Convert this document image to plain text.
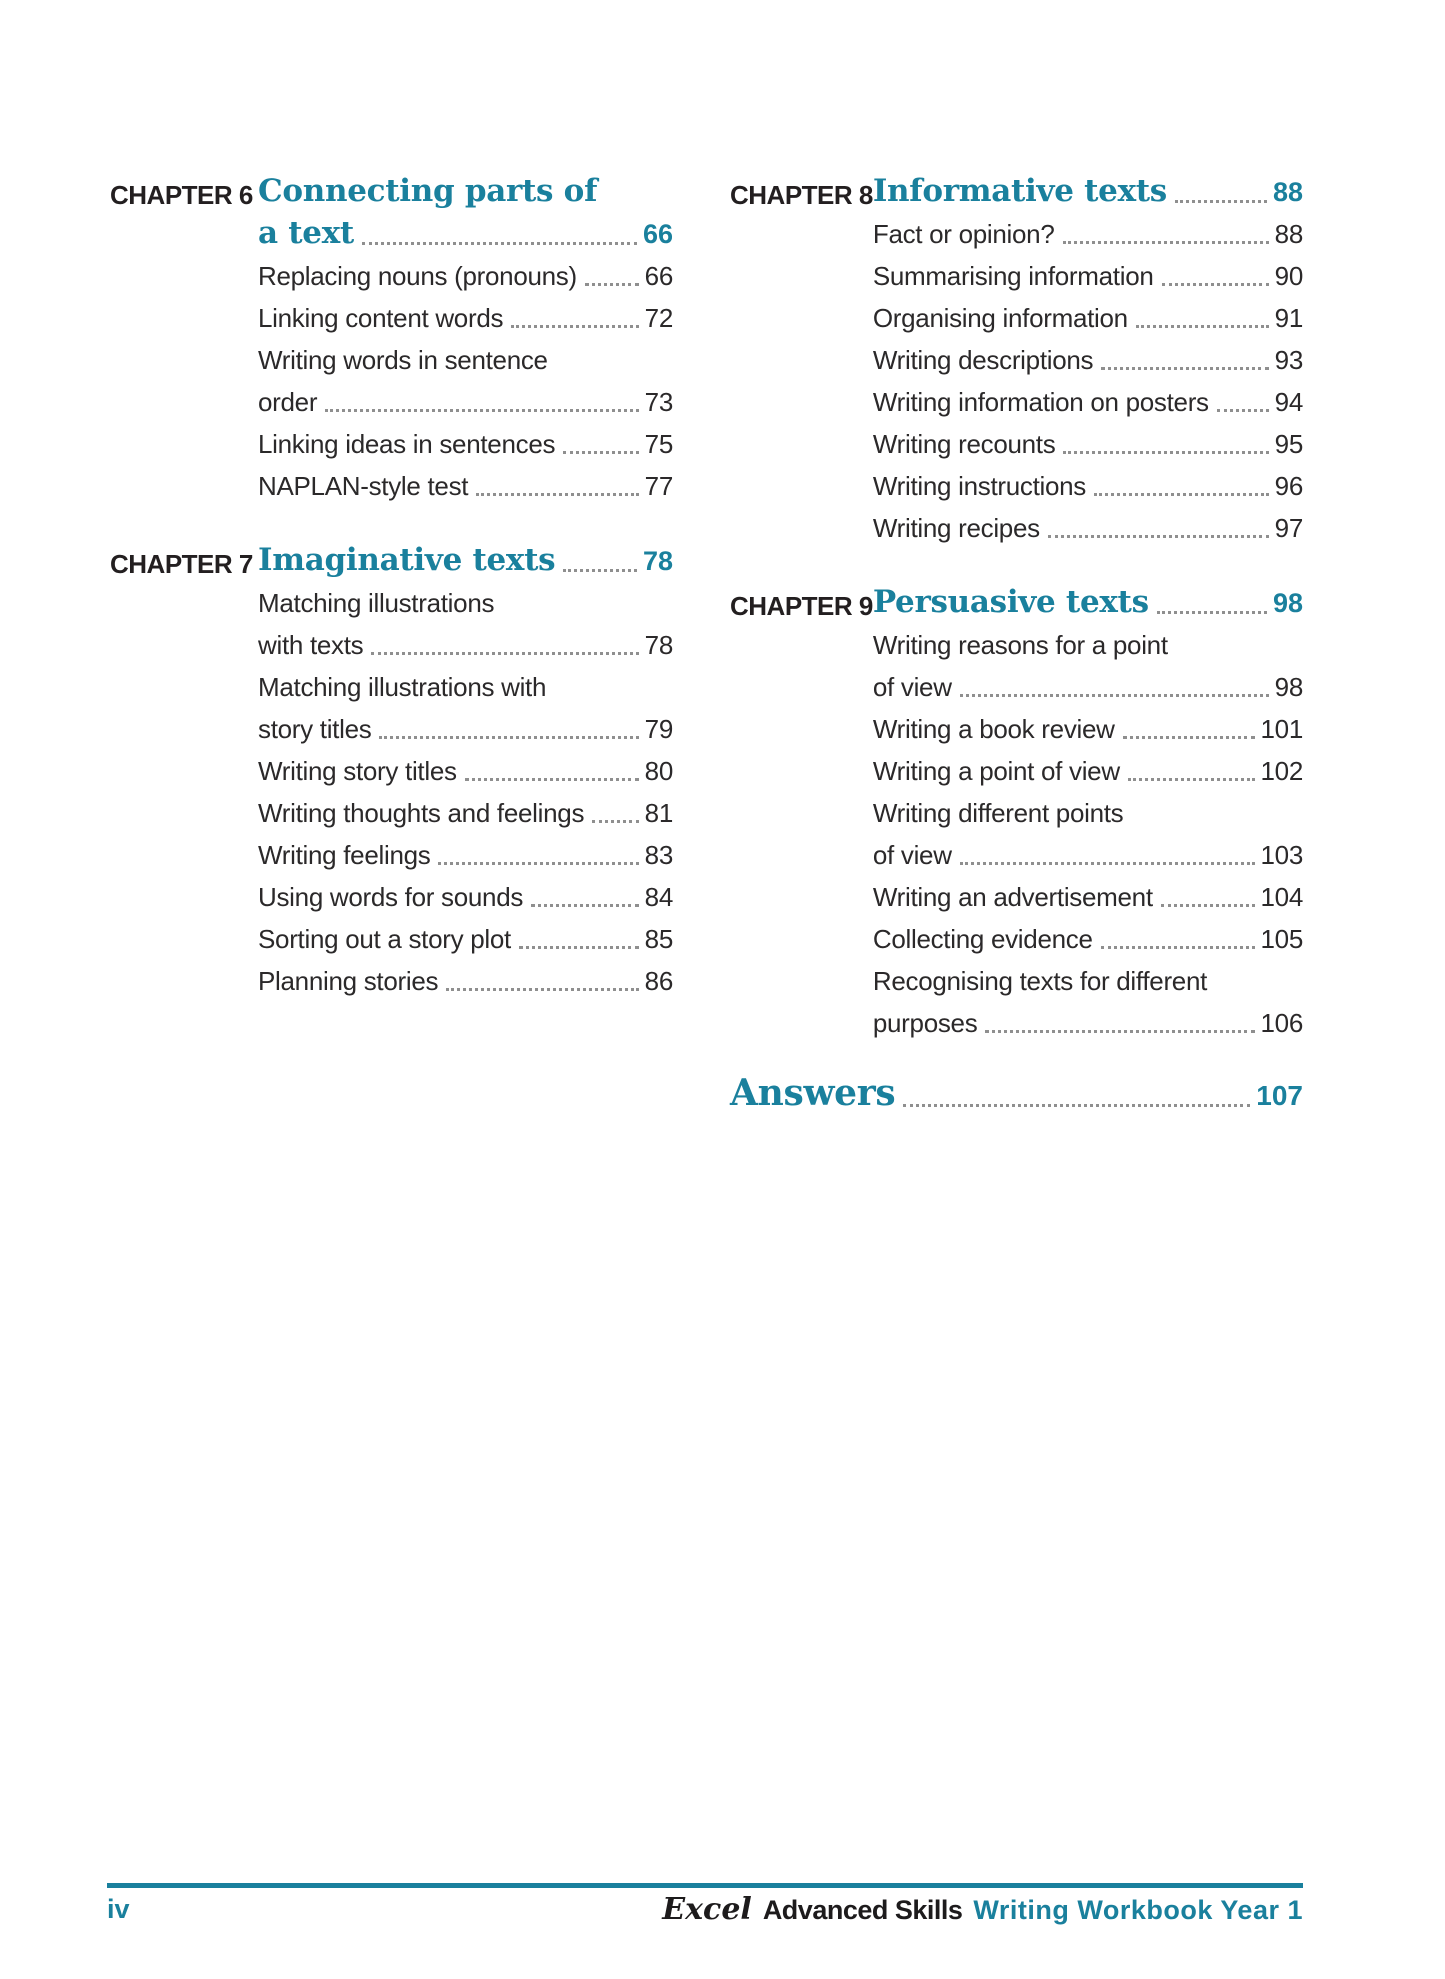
CHAPTER 6 Connecting parts of
a text	66
Replacing nouns (pronouns)	66
Linking content words	72
Writing words in sentence
order	73
Linking ideas in sentences	75
NAPLAN-style test	77
CHAPTER 7 Imaginative texts	78
Matching illustrations
with texts	78
Matching illustrations with
story titles	79
Writing story titles	80
Writing thoughts and feelings 81
Writing feelings	83
Using words for sounds	84
Sorting out a story plot	85
Planning stories	86
CHAPTER 8 Informative texts	88
Fact or opinion?	88
Summarising information	90
Organising information	91
Writing descriptions	93
Writing information on posters	94
Writing recounts	95
Writing instructions	96
Writing recipes	97
CHAPTER 9 Persuasive texts	98
Writing reasons for a point
of view	98
Writing a book review	101
Writing a point of view	102
Writing different points
of view	103
Writing an advertisement	104
Collecting evidence	105
Recognising texts for different
purposes	106
Answers	107
iv	Excel Advanced Skills Writing Workbook Year 1
